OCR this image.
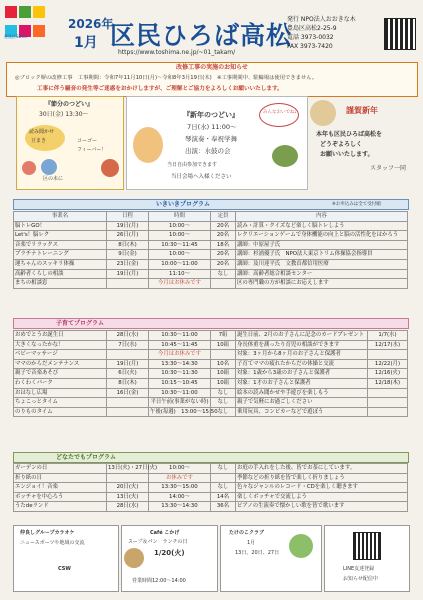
豊島区SDGs
2026年
1月 区民ひろば高松
https://www.toshima.ne.jp/~01_takam/
発行 NPO法人おおきな木
豊島区高松2-25-9
電話 3973-0032
FAX 3973-7420
改修工事の実施のお知らせ
◎ブロック塀の改修工事　工事期間：令和7年11月10日(月)〜令和8年3月19日(木)　※工事期間中、駐輪場は使用できません。
工事に伴う騒音の発生等ご迷惑をおかけしますが、ご理解とご協力をよろしくお願いいたします。
『節分のつどい』
30日(金) 13:30〜
読み聞かせ
豆まき	コーゴー
フィーバー！
区の未に
『新年のつどい』
7日(水) 11:00〜
琴演奏・奉祝学舞
出演：水鼓の会
みんなおいでね♪
当日自由参加できます
当日会場へ入様ください
謹賀新年
本年も区民ひろば高松を
どうぞよろしく
お願いいたします。
スタッフ一同
いきいきプログラム	※お申込みは全て受付順
事業名	日程	時間	定員	内容
脳トレGO！	19日(月)	10:00〜	20名	読み・計算・クイズなど楽しく脳トレしよう
Let's！脳レク	26日(月)	10:00〜	20名	レクリエーションゲームで身体機能の向上と脳の活性化をはかろう
音楽でリラックス	8日(木)	10:30〜11:45	18名	講師：中原屋子氏
プラチナトレーニング	9日(金)	10:00〜	20名	講師：杉浦優子氏　NPO法人東京トリム体操協会指導員
運ちゃんのスッキリ体操	23日(金)	10:00〜11:00	20名	講師：及川達平氏　文教首都信用医療
高齢者くらしの相談	19日(月)	11:10〜	なし	講師：高齢者総合相談センター
まちの相談窓		今月はお休みです		区の専門職の方が相談にお応えします
子育てプログラム
おめでとうお誕生日	28日(水)	10:30〜11:00	7組	誕生日前、2月のお子さんに記念のカードプレゼント	1/7(水)
大きくなったかな！	7日(水)	10:45〜11:45	10組	身長体重を測ったり育児の相談ができます	12/17(水)
ベビーマッサージ		今月はお休みです		対象：3ヶ月から8ヶ月のお子さんと保護者	
ママのからだメンテナンス	19日(月)	13:30〜14:30	10名	子育てママの疲れたからだの体操と交流	12/22(月)
親子で音楽あそび	6日(火)	10:30〜11:30	10組	対象：1歳から3歳のお子さんと保護者	12/16(火)
わくわくパーク	8日(木)	10:15〜10:45	10組	対象：1才のお子さんと保護者	12/18(木)
おはなし広場	16日(金)	10:30〜11:00	なし	絵本の読み聞かせや手遊びを楽しもう	
ちょこっとタイム		平日午前(事業がない時)	なし	親子で気軽にお過ごしください	
のりものタイム		午後(毎週)　13:00〜15:50	なし	乗用玩具、コンビカーなどで遊ぼう	
どなたでもプログラム
ガーデンの日	13日(火)・27日(火)	10:00〜	なし	お庭の手入れをした後、皆でお茶にしています。
折り紙の日		お休みです		季節などの折り紙を皆で楽しく折りましょう
エンジョイ！音楽	20日(火)	13:30〜15:00	なし	色々なジャンルのレコード・CDを楽しく聴きます
ボッチャを中心ろう	13日(火)	14:00〜	14名	楽しくボッチャで交流しよう
うたdeランド	28日(水)	13:30〜14:30	36名	ピアノの生演奏で懐かしい歌を皆で歌います
仲良しグループカラオケ
ニュースポーツや地域の交流
CSW
Café こかげ
スープ＆パン　ランチの日
1/20(火)
営業時間12:00〜14:00
たけのこクラブ
1月
13日、20日、27日
LINE友達登録
お知らせ配信中
